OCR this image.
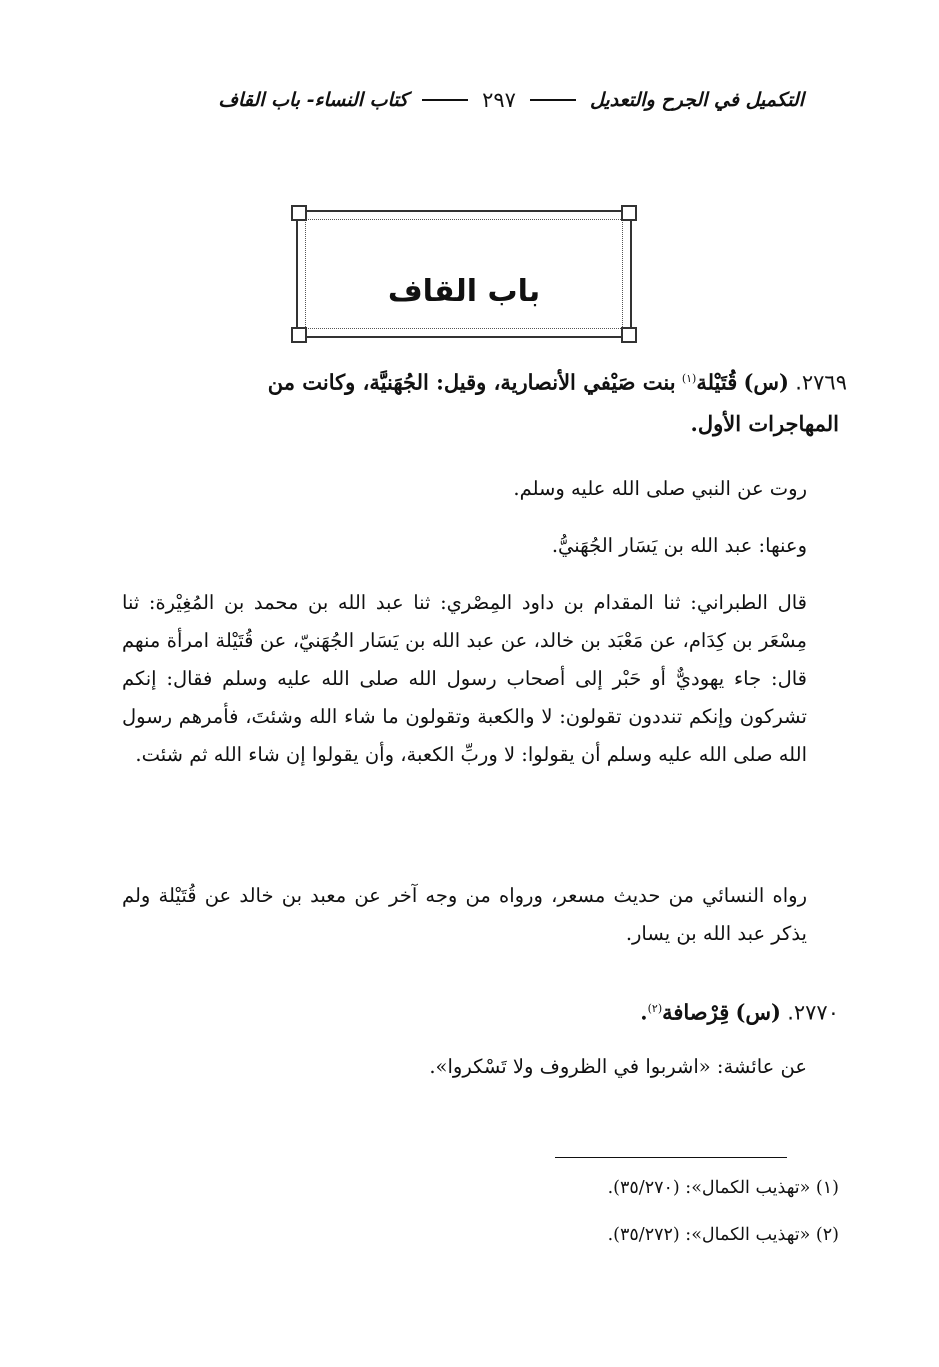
التكميل في الجرح والتعديل
٢٩٧
كتاب النساء- باب القاف
باب القاف

٢٧٦٩. (س) قُتَيْلة$^{(١)}$ بنت صَيْفي الأنصارية، وقيل: الجُهَنيَّة، وكانت من

المهاجرات الأول.

روت عن النبي صلى الله عليه وسلم.

وعنها: عبد الله بن يَسَار الجُهَنيُّ.

قال الطبراني: ثنا المقدام بن داود المِصْري: ثنا عبد الله بن محمد بن المُغِيْرة: ثنا مِسْعَر بن كِدَام، عن مَعْبَد بن خالد، عن عبد الله بن يَسَار الجُهَنيّ، عن قُتَيْلة امرأة منهم قال: جاء يهوديٌّ أو حَبْر إلى أصحاب رسول الله صلى الله عليه وسلم فقال: إنكم تشركون وإنكم تنددون تقولون: لا والكعبة وتقولون ما شاء الله وشئتَ، فأمرهم رسول الله صلى الله عليه وسلم أن يقولوا: لا وربِّ الكعبة، وأن يقولوا إن شاء الله ثم شئت.

رواه النسائي من حديث مسعر، ورواه من وجه آخر عن معبد بن خالد عن قُتَيْلة ولم يذكر عبد الله بن يسار.

٢٧٧٠. (س) قِرْصافة$^{(٢)}$.

عن عائشة: «اشربوا في الظروف ولا تَسْكروا».

(١) «تهذيب الكمال»: (٣٥/٢٧٠).
(٢) «تهذيب الكمال»: (٣٥/٢٧٢).
